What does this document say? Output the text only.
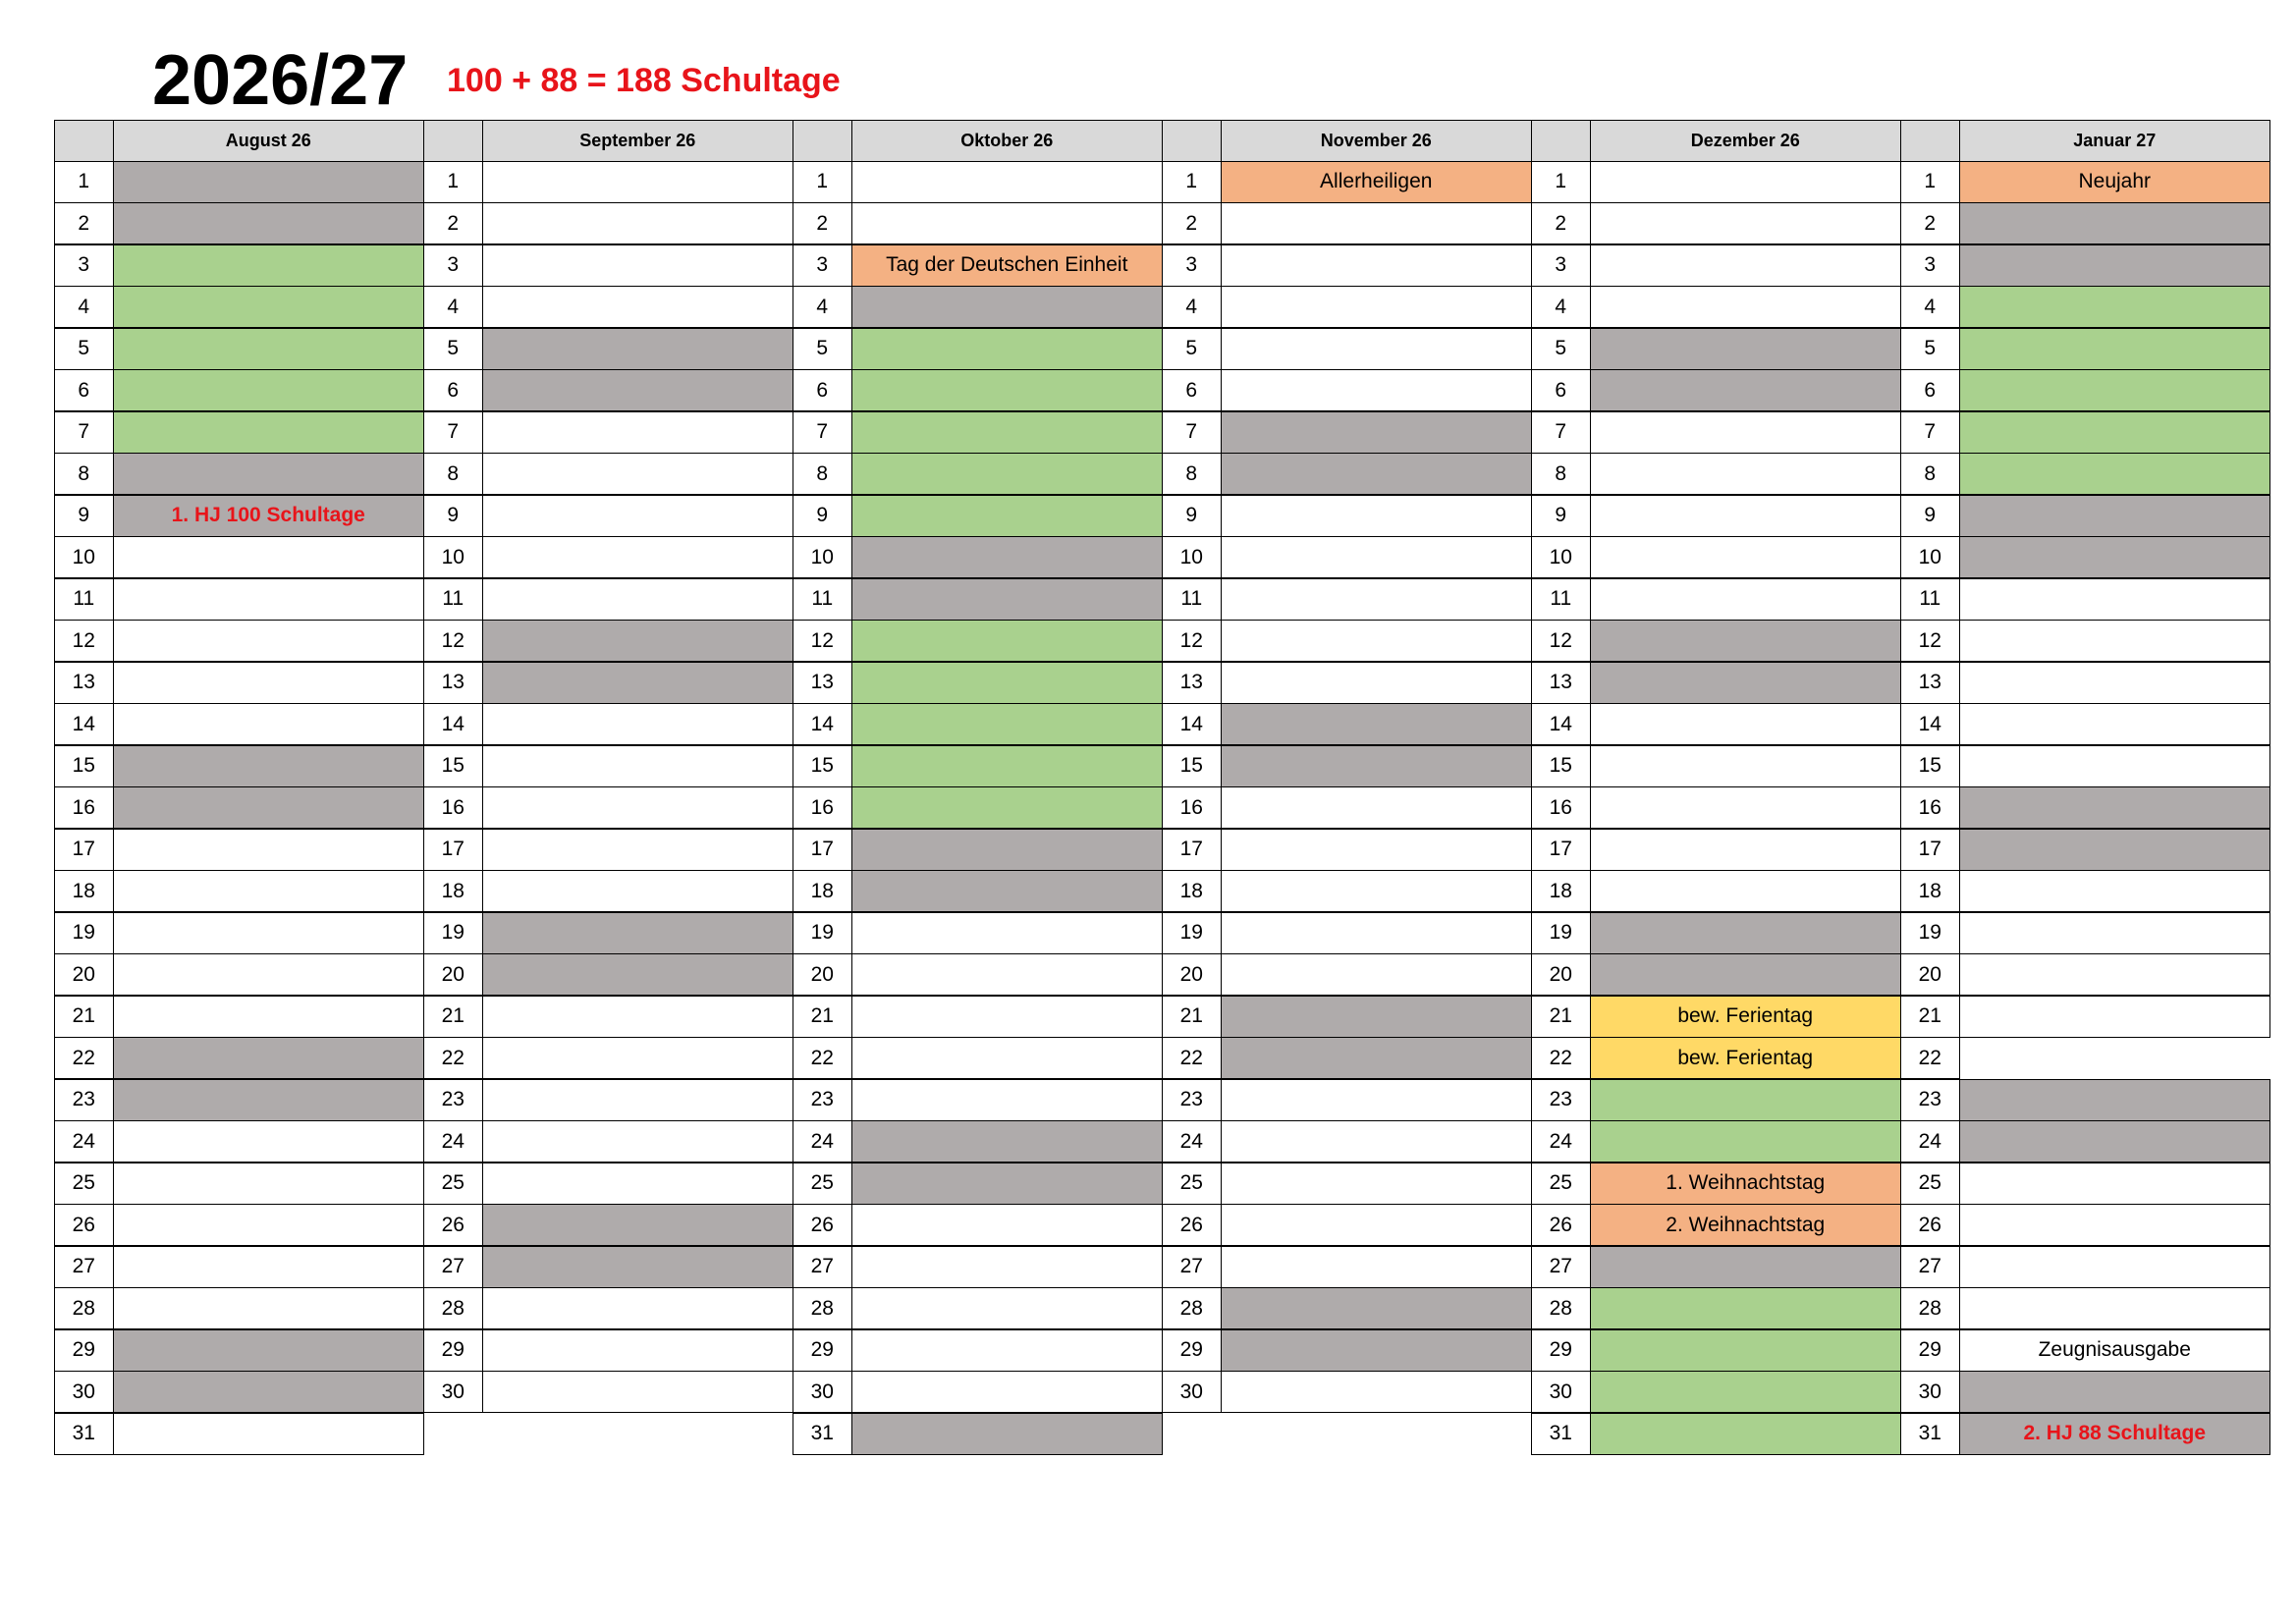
2026/27 100 + 88 = 188 Schultage
August 26
1
2
3
4
5
6
7
8
9	1. HJ 100 Schultage
10
11
12
13
14
15
16
17
18
19
20
21
22
23
24
25
26
27
28
29
30
31
September 26
1
2
3
4
5
6
7
8
9
10
11
12
13
14
15
16
17
18
19
20
21
22
23
24
25
26
27
28
29
30
Oktober 26
1
2
3	Tag der Deutschen Einheit
4
5
6
7
8
9
10
11
12
13
14
15
16
17
18
19
20
21
22
23
24
25
26
27
28
29
30
31
November 26
1	Allerheiligen
2
3
4
5
6
7
8
9
10
11
12
13
14
15
16
17
18
19
20
21
22
23
24
25
26
27
28
29
30
Dezember 26
1
2
3
4
5
6
7
8
9
10
11
12
13
14
15
16
17
18
19
20
21	bew. Ferientag
22	bew. Ferientag
23
24
25	1. Weihnachtstag
26	2. Weihnachtstag
27
28
29
30
31
Januar 27
1	Neujahr
2
3
4
5
6
7
8
9
10
11
12
13
14
15
16
17
18
19
20
21
22
23
24
25
26
27
28
29	Zeugnisausgabe
30
31	2. HJ 88 Schultage
